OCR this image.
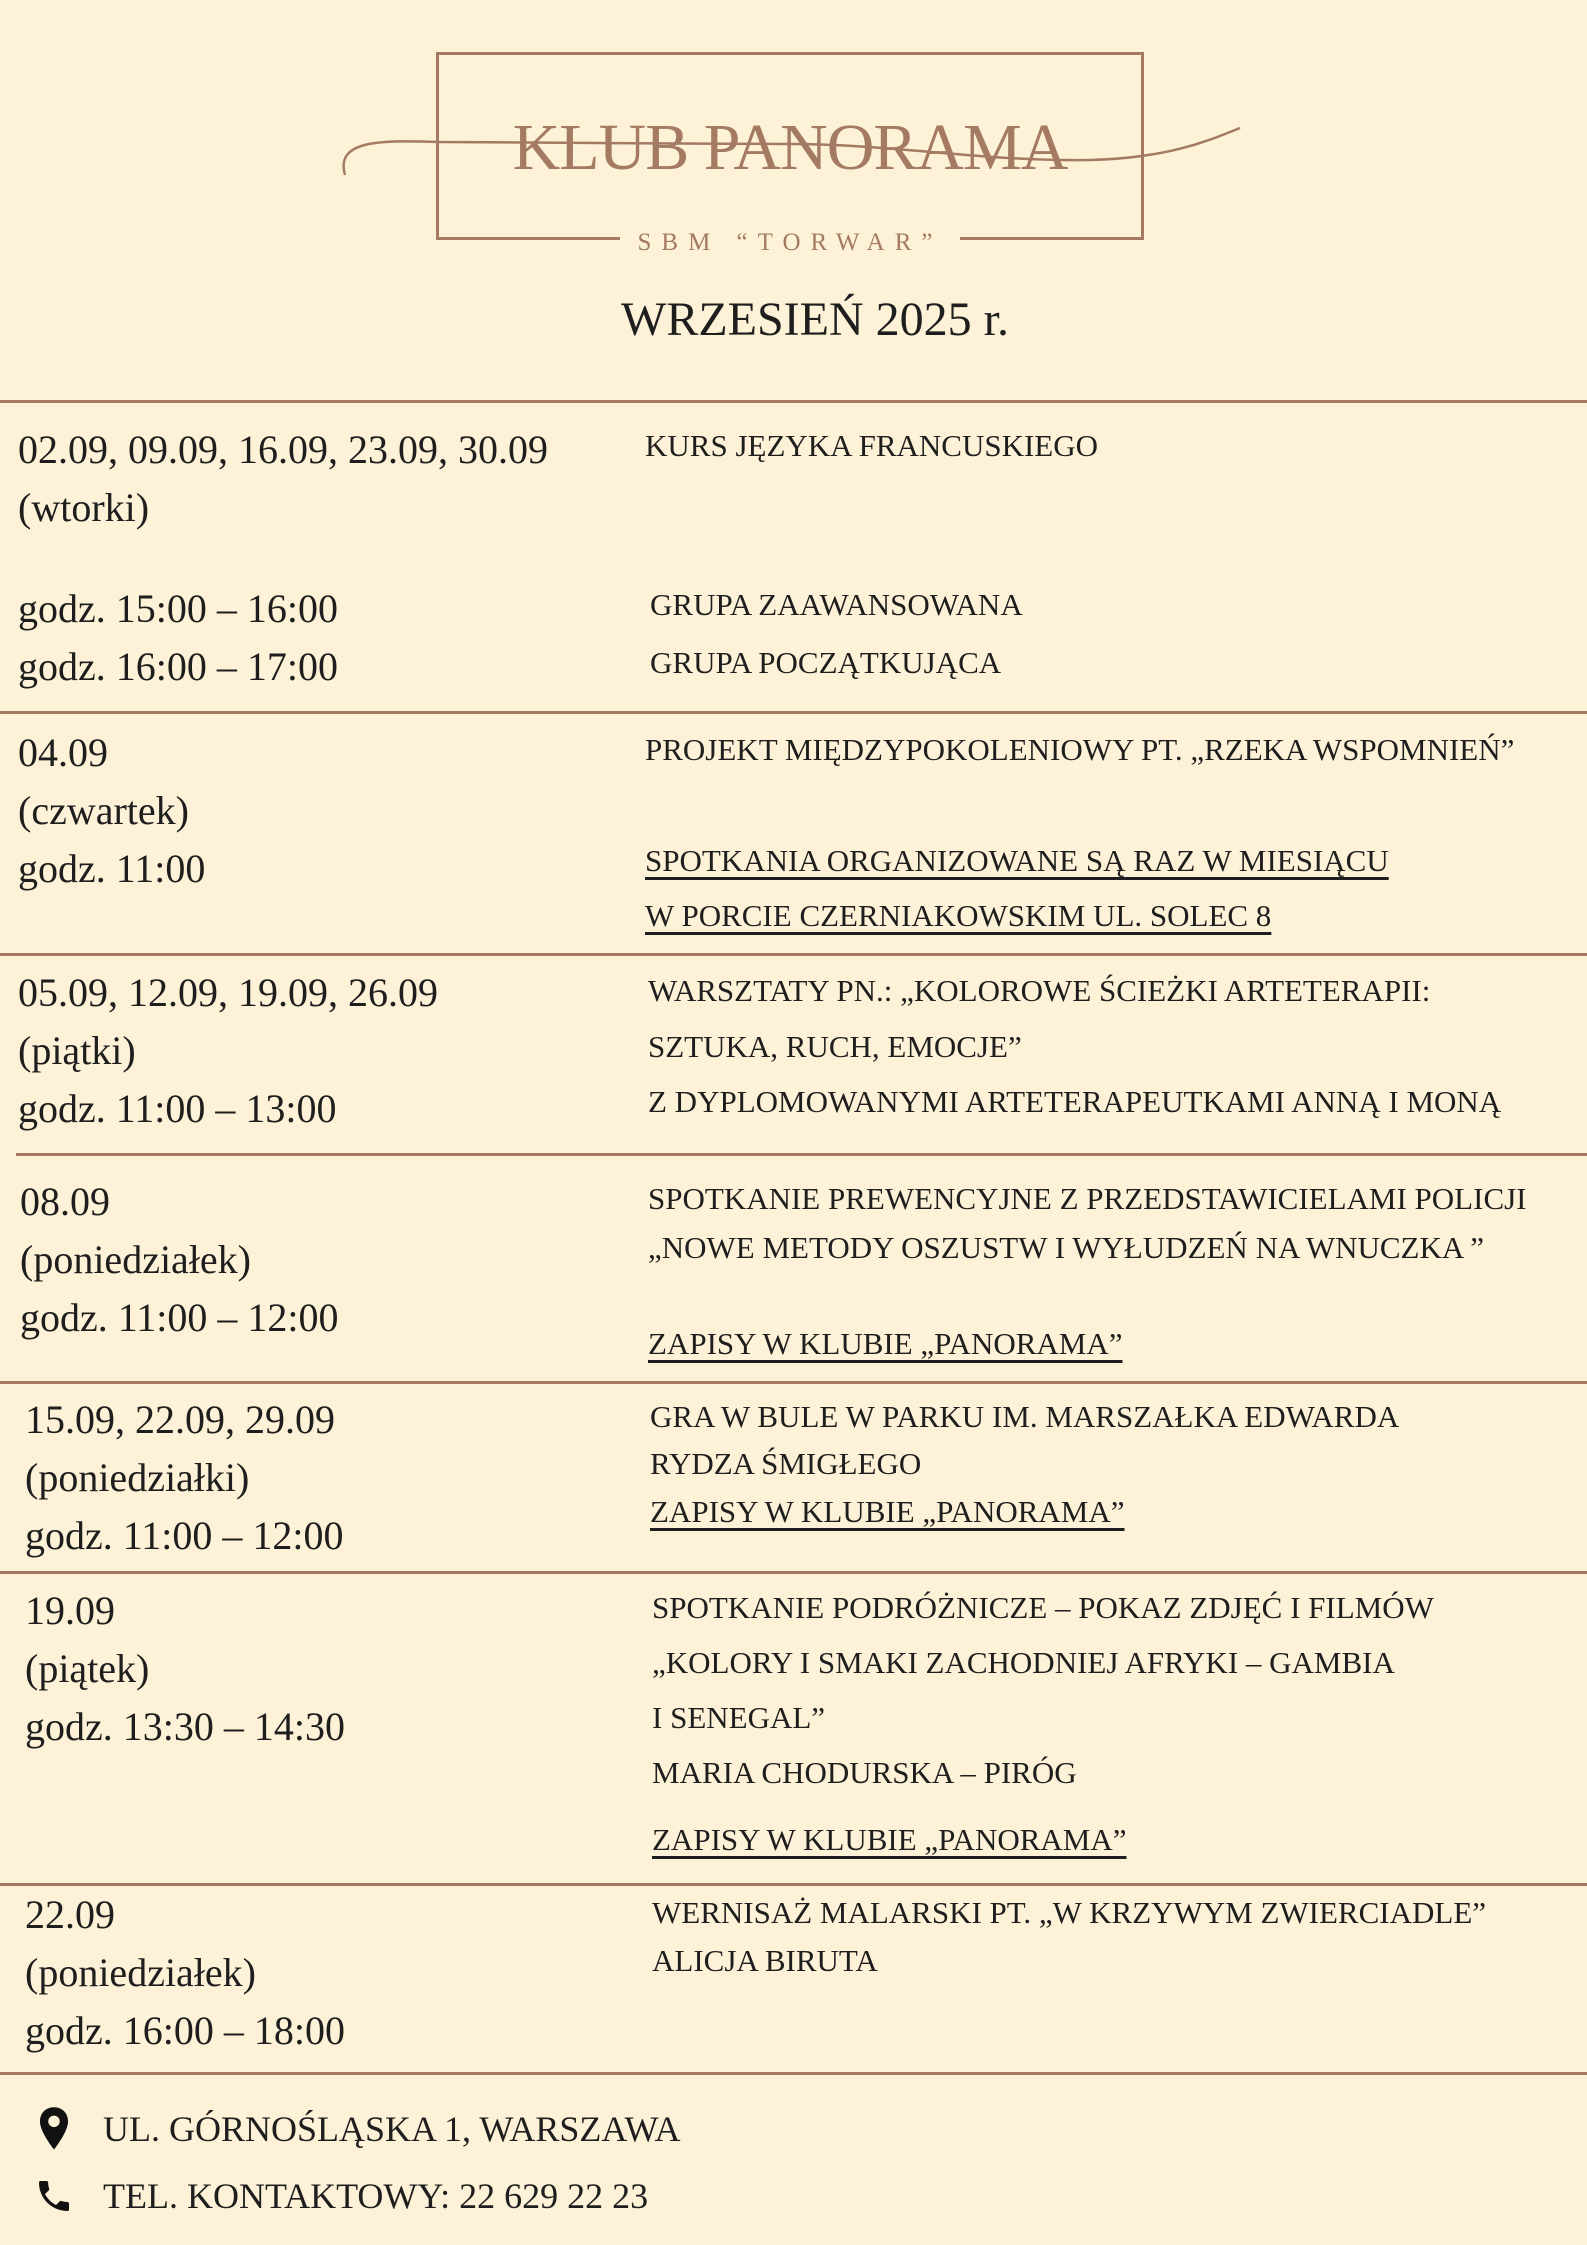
KLUB PANORAMA
SBM “TORWAR”
WRZESIEŃ 2025 r.
02.09, 09.09, 16.09, 23.09, 30.09
(wtorki)
godz. 15:00 – 16:00
godz. 16:00 – 17:00
KURS JĘZYKA FRANCUSKIEGO
GRUPA ZAAWANSOWANA
GRUPA POCZĄTKUJĄCA
04.09
(czwartek)
godz. 11:00
PROJEKT MIĘDZYPOKOLENIOWY PT. „RZEKA WSPOMNIEŃ”
SPOTKANIA ORGANIZOWANE SĄ RAZ W MIESIĄCU
W PORCIE CZERNIAKOWSKIM UL. SOLEC 8
05.09, 12.09, 19.09, 26.09
(piątki)
godz. 11:00 – 13:00
WARSZTATY PN.: „KOLOROWE ŚCIEŻKI ARTETERAPII:
SZTUKA, RUCH, EMOCJE”
Z DYPLOMOWANYMI ARTETERAPEUTKAMI ANNĄ I MONĄ
08.09
(poniedziałek)
godz. 11:00 – 12:00
SPOTKANIE PREWENCYJNE Z PRZEDSTAWICIELAMI POLICJI
„NOWE METODY OSZUSTW I WYŁUDZEŃ NA WNUCZKA ”
ZAPISY W KLUBIE „PANORAMA”
15.09, 22.09, 29.09
(poniedziałki)
godz. 11:00 – 12:00
GRA W BULE W PARKU IM. MARSZAŁKA EDWARDA
RYDZA ŚMIGŁEGO
ZAPISY W KLUBIE „PANORAMA”
19.09
(piątek)
godz. 13:30 – 14:30
SPOTKANIE PODRÓŻNICZE – POKAZ ZDJĘĆ I FILMÓW
„KOLORY I SMAKI ZACHODNIEJ AFRYKI – GAMBIA
I SENEGAL”
MARIA CHODURSKA – PIRÓG
ZAPISY W KLUBIE „PANORAMA”
22.09
(poniedziałek)
godz. 16:00 – 18:00
WERNISAŻ MALARSKI PT. „W KRZYWYM ZWIERCIADLE”
ALICJA BIRUTA
UL. GÓRNOŚLĄSKA 1, WARSZAWA
TEL. KONTAKTOWY: 22 629 22 23
